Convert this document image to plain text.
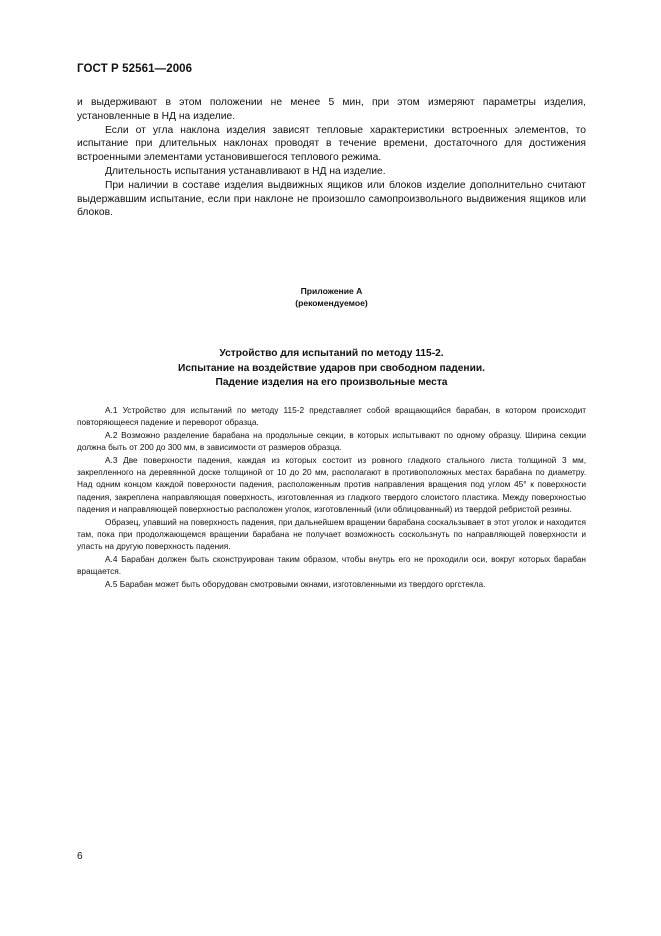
ГОСТ Р 52561—2006

и выдерживают в этом положении не менее 5 мин, при этом измеряют параметры изделия, установленные в НД на изделие.

Если от угла наклона изделия зависят тепловые характеристики встроенных элементов, то испытание при длительных наклонах проводят в течение времени, достаточного для достижения встроенными элементами установившегося теплового режима.

Длительность испытания устанавливают в НД на изделие.

При наличии в составе изделия выдвижных ящиков или блоков изделие дополнительно считают выдержавшим испытание, если при наклоне не произошло самопроизвольного выдвижения ящиков или блоков.

Приложение А
(рекомендуемое)
Устройство для испытаний по методу 115-2.
Испытание на воздействие ударов при свободном падении.
Падение изделия на его произвольные места

А.1 Устройство для испытаний по методу 115-2 представляет собой вращающийся барабан, в котором происходит повторяющееся падение и переворот образца.

А.2 Возможно разделение барабана на продольные секции, в которых испытывают по одному образцу. Ширина секции должна быть от 200 до 300 мм, в зависимости от размеров образца.

А.3 Две поверхности падения, каждая из которых состоит из ровного гладкого стального листа толщиной 3 мм, закрепленного на деревянной доске толщиной от 10 до 20 мм, располагают в противоположных местах барабана по диаметру. Над одним концом каждой поверхности падения, расположенным против направления вращения под углом 45° к поверхности падения, закреплена направляющая поверхность, изготовленная из гладкого твердого слоистого пластика. Между поверхностью падения и направляющей поверхностью расположен уголок, изготовленный (или облицованный) из твердой ребристой резины.

Образец, упавший на поверхность падения, при дальнейшем вращении барабана соскальзывает в этот уголок и находится там, пока при продолжающемся вращении барабана не получает возможность соскользнуть по направляющей поверхности и упасть на другую поверхность падения.

А.4 Барабан должен быть сконструирован таким образом, чтобы внутрь его не проходили оси, вокруг которых барабан вращается.

А.5 Барабан может быть оборудован смотровыми окнами, изготовленными из твердого оргстекла.

6
